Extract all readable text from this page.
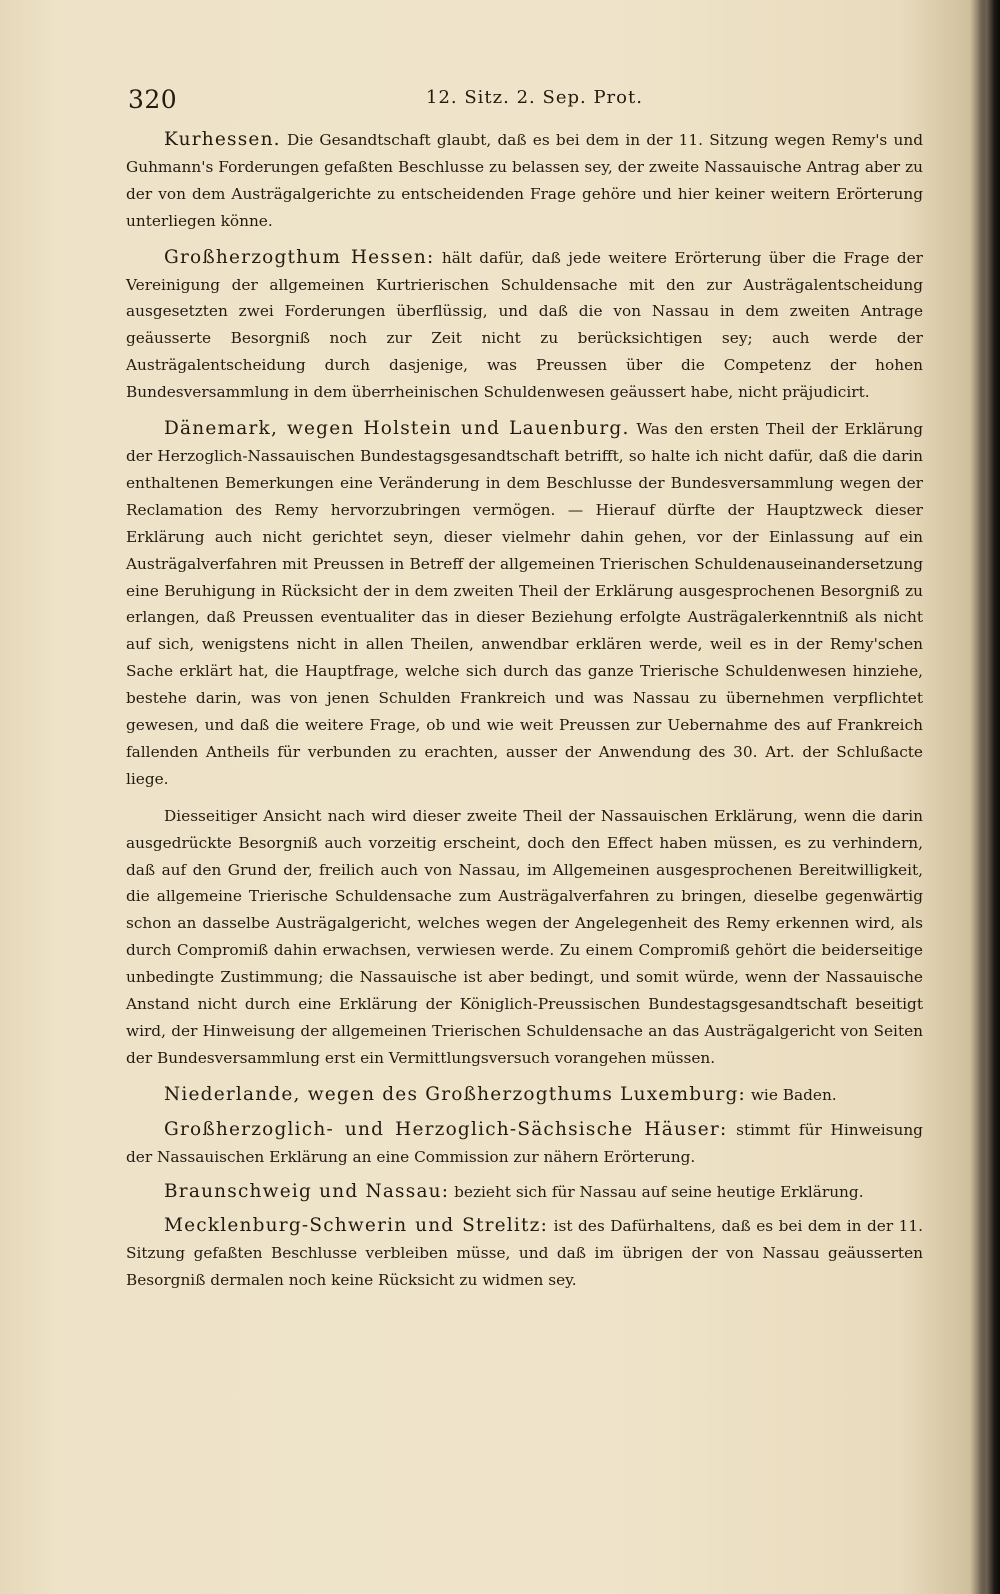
320	12. Sitz. 2. Sep. Prot.

Kurhessen. Die Gesandtschaft glaubt, daß es bei dem in der 11. Sitzung wegen Remy's und Guhmann's Forderungen gefaßten Beschlusse zu belassen sey, der zweite Nassauische Antrag aber zu der von dem Austrägalgerichte zu entscheidenden Frage gehöre und hier keiner weitern Erörterung unterliegen könne.

Großherzogthum Hessen: hält dafür, daß jede weitere Erörterung über die Frage der Vereinigung der allgemeinen Kurtrierischen Schuldensache mit den zur Austrägalentscheidung ausgesetzten zwei Forderungen überflüssig, und daß die von Nassau in dem zweiten Antrage geäusserte Besorgniß noch zur Zeit nicht zu berücksichtigen sey; auch werde der Austrägalentscheidung durch dasjenige, was Preussen über die Competenz der hohen Bundesversammlung in dem überrheinischen Schuldenwesen geäussert habe, nicht präjudicirt.

Dänemark, wegen Holstein und Lauenburg. Was den ersten Theil der Erklärung der Herzoglich-Nassauischen Bundestagsgesandtschaft betrifft, so halte ich nicht dafür, daß die darin enthaltenen Bemerkungen eine Veränderung in dem Beschlusse der Bundesversammlung wegen der Reclamation des Remy hervorzubringen vermögen. — Hierauf dürfte der Hauptzweck dieser Erklärung auch nicht gerichtet seyn, dieser vielmehr dahin gehen, vor der Einlassung auf ein Austrägalverfahren mit Preussen in Betreff der allgemeinen Trierischen Schuldenauseinandersetzung eine Beruhigung in Rücksicht der in dem zweiten Theil der Erklärung ausgesprochenen Besorgniß zu erlangen, daß Preussen eventualiter das in dieser Beziehung erfolgte Austrägalerkenntniß als nicht auf sich, wenigstens nicht in allen Theilen, anwendbar erklären werde, weil es in der Remy'schen Sache erklärt hat, die Hauptfrage, welche sich durch das ganze Trierische Schuldenwesen hinziehe, bestehe darin, was von jenen Schulden Frankreich und was Nassau zu übernehmen verpflichtet gewesen, und daß die weitere Frage, ob und wie weit Preussen zur Uebernahme des auf Frankreich fallenden Antheils für verbunden zu erachten, ausser der Anwendung des 30. Art. der Schlußacte liege.

Diesseitiger Ansicht nach wird dieser zweite Theil der Nassauischen Erklärung, wenn die darin ausgedrückte Besorgniß auch vorzeitig erscheint, doch den Effect haben müssen, es zu verhindern, daß auf den Grund der, freilich auch von Nassau, im Allgemeinen ausgesprochenen Bereitwilligkeit, die allgemeine Trierische Schuldensache zum Austrägalverfahren zu bringen, dieselbe gegenwärtig schon an dasselbe Austrägalgericht, welches wegen der Angelegenheit des Remy erkennen wird, als durch Compromiß dahin erwachsen, verwiesen werde. Zu einem Compromiß gehört die beiderseitige unbedingte Zustimmung; die Nassauische ist aber bedingt, und somit würde, wenn der Nassauische Anstand nicht durch eine Erklärung der Königlich-Preussischen Bundestagsgesandtschaft beseitigt wird, der Hinweisung der allgemeinen Trierischen Schuldensache an das Austrägalgericht von Seiten der Bundesversammlung erst ein Vermittlungsversuch vorangehen müssen.

Niederlande, wegen des Großherzogthums Luxemburg: wie Baden.

Großherzoglich- und Herzoglich-Sächsische Häuser: stimmt für Hinweisung der Nassauischen Erklärung an eine Commission zur nähern Erörterung.

Braunschweig und Nassau: bezieht sich für Nassau auf seine heutige Erklärung.

Mecklenburg-Schwerin und Strelitz: ist des Dafürhaltens, daß es bei dem in der 11. Sitzung gefaßten Beschlusse verbleiben müsse, und daß im übrigen der von Nassau geäusserten Besorgniß dermalen noch keine Rücksicht zu widmen sey.
